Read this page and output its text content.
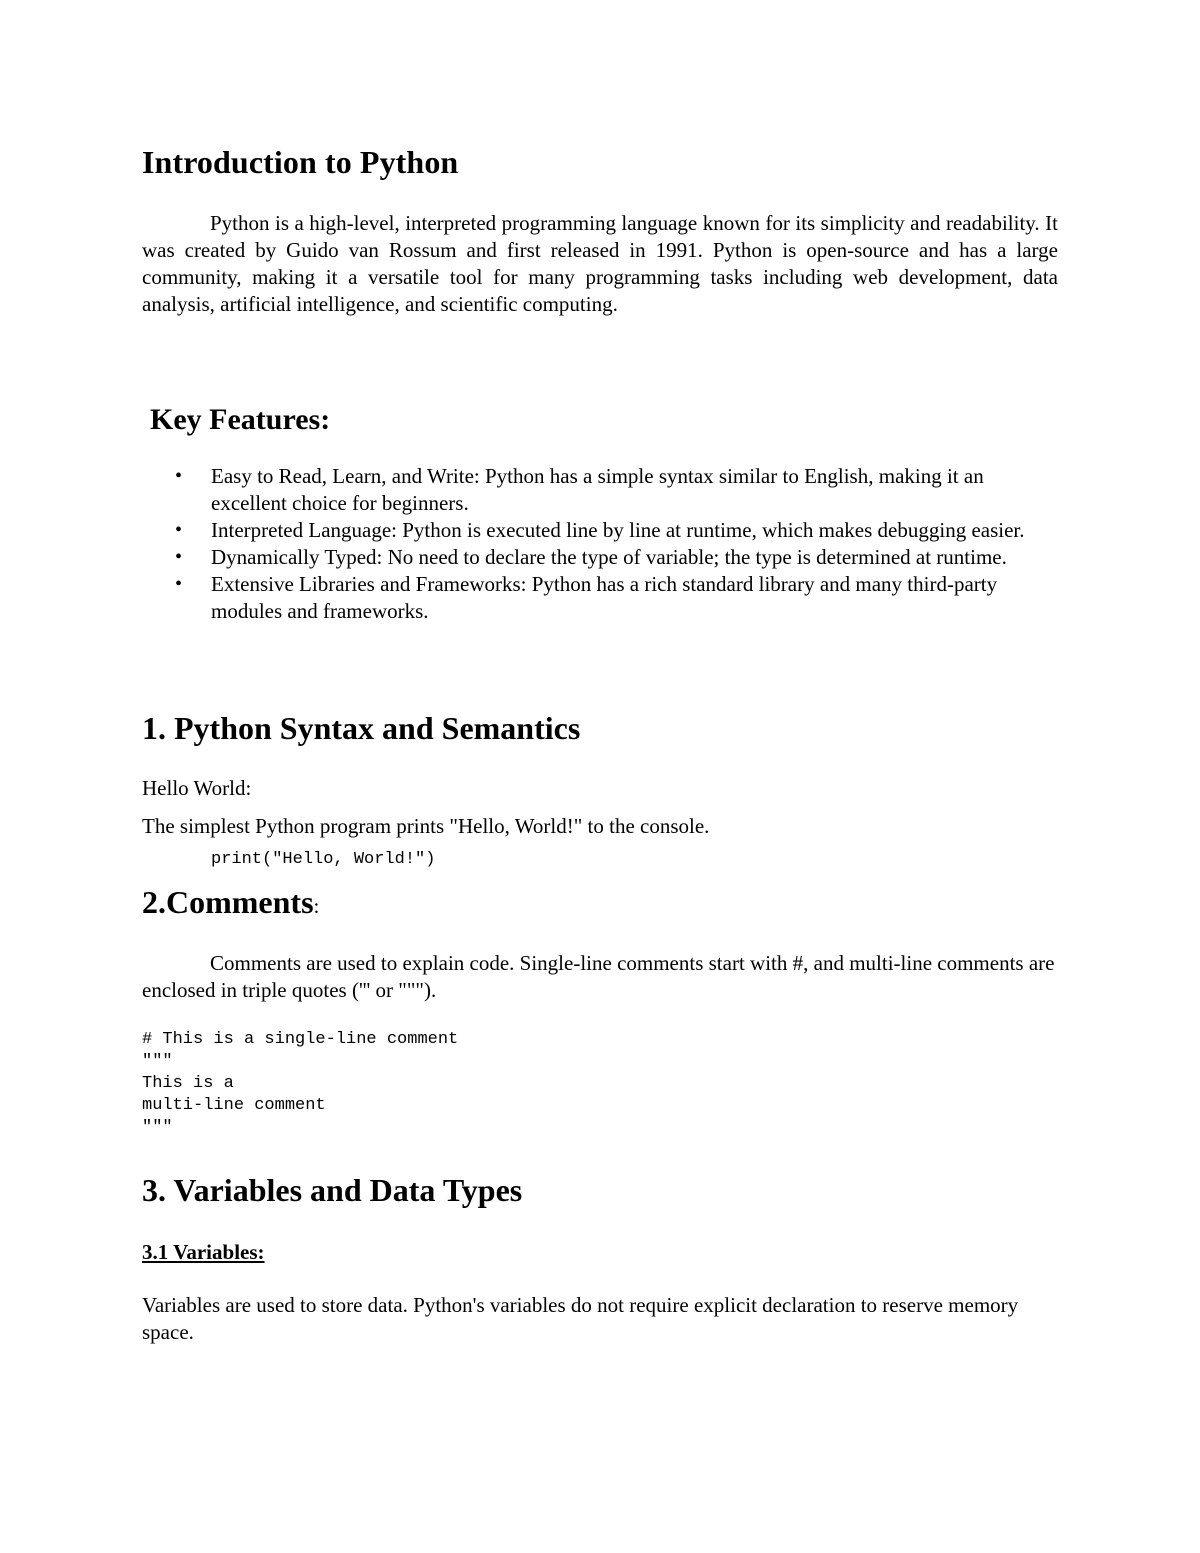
Introduction to Python

Python is a high-level, interpreted programming language known for its simplicity and readability. It was created by Guido van Rossum and first released in 1991. Python is open-source and has a large community, making it a versatile tool for many programming tasks including web development, data analysis, artificial intelligence, and scientific computing.

Key Features:
• Easy to Read, Learn, and Write: Python has a simple syntax similar to English, making it an excellent choice for beginners.
• Interpreted Language: Python is executed line by line at runtime, which makes debugging easier.
• Dynamically Typed: No need to declare the type of variable; the type is determined at runtime.
• Extensive Libraries and Frameworks: Python has a rich standard library and many third-party modules and frameworks.
1. Python Syntax and Semantics

Hello World:

The simplest Python program prints "Hello, World!" to the console.

print("Hello, World!")
2.Comments:

Comments are used to explain code. Single-line comments start with #, and multi-line comments are enclosed in triple quotes (''' or """).

# This is a single-line comment
"""
This is a
multi-line comment
"""
3. Variables and Data Types
3.1 Variables:

Variables are used to store data. Python's variables do not require explicit declaration to reserve memory space.
